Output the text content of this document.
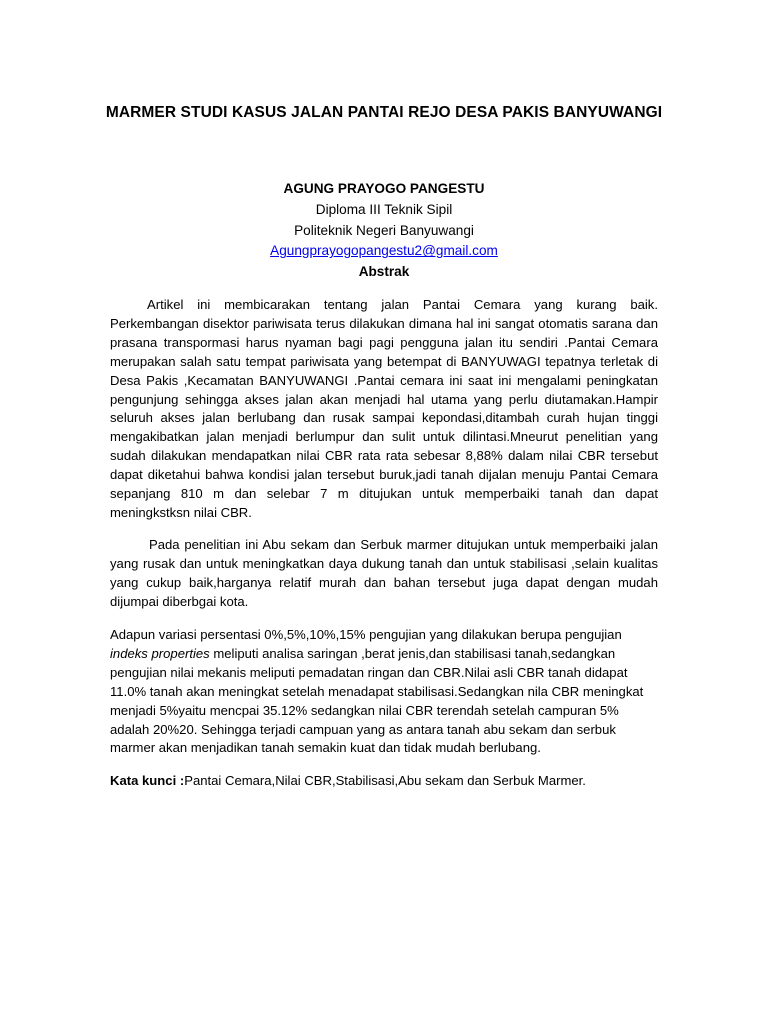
MARMER STUDI KASUS JALAN PANTAI REJO DESA PAKIS BANYUWANGI
AGUNG PRAYOGO PANGESTU
Diploma III Teknik Sipil
Politeknik Negeri Banyuwangi
Agungprayogopangestu2@gmail.com
Abstrak
Artikel ini membicarakan tentang jalan Pantai Cemara yang kurang baik. Perkembangan disektor pariwisata terus dilakukan dimana hal ini sangat otomatis sarana dan prasana transpormasi harus nyaman bagi pagi pengguna jalan itu sendiri .Pantai Cemara merupakan salah satu tempat pariwisata yang betempat di BANYUWAGI tepatnya terletak di Desa Pakis ,Kecamatan BANYUWANGI .Pantai cemara ini saat ini mengalami peningkatan pengunjung sehingga akses jalan akan menjadi hal utama yang perlu diutamakan.Hampir seluruh akses jalan berlubang dan rusak sampai kepondasi,ditambah curah hujan tinggi mengakibatkan jalan menjadi berlumpur dan sulit untuk dilintasi.Mneurut penelitian yang sudah dilakukan mendapatkan nilai CBR rata rata sebesar 8,88% dalam nilai CBR tersebut dapat diketahui bahwa kondisi jalan tersebut buruk,jadi tanah dijalan menuju Pantai Cemara sepanjang 810 m dan selebar 7 m ditujukan untuk memperbaiki tanah dan dapat meningkstksn nilai CBR.
Pada penelitian ini Abu sekam dan Serbuk marmer ditujukan untuk memperbaiki jalan yang rusak dan untuk meningkatkan daya dukung tanah dan untuk stabilisasi ,selain kualitas yang cukup baik,harganya relatif murah dan bahan tersebut juga dapat dengan mudah dijumpai diberbgai kota.
Adapun variasi persentasi 0%,5%,10%,15% pengujian yang dilakukan berupa pengujian indeks properties meliputi analisa saringan ,berat jenis,dan stabilisasi tanah,sedangkan pengujian nilai mekanis meliputi pemadatan ringan dan CBR.Nilai asli CBR tanah didapat 11.0% tanah akan meningkat setelah menadapat stabilisasi.Sedangkan nila CBR meningkat menjadi 5%yaitu mencpai 35.12% sedangkan nilai CBR terendah setelah campuran 5% adalah 20%20. Sehingga terjadi campuan yang as antara tanah abu sekam dan serbuk marmer akan menjadikan tanah semakin kuat dan tidak mudah berlubang.
Kata kunci :Pantai Cemara,Nilai CBR,Stabilisasi,Abu sekam dan Serbuk Marmer.
